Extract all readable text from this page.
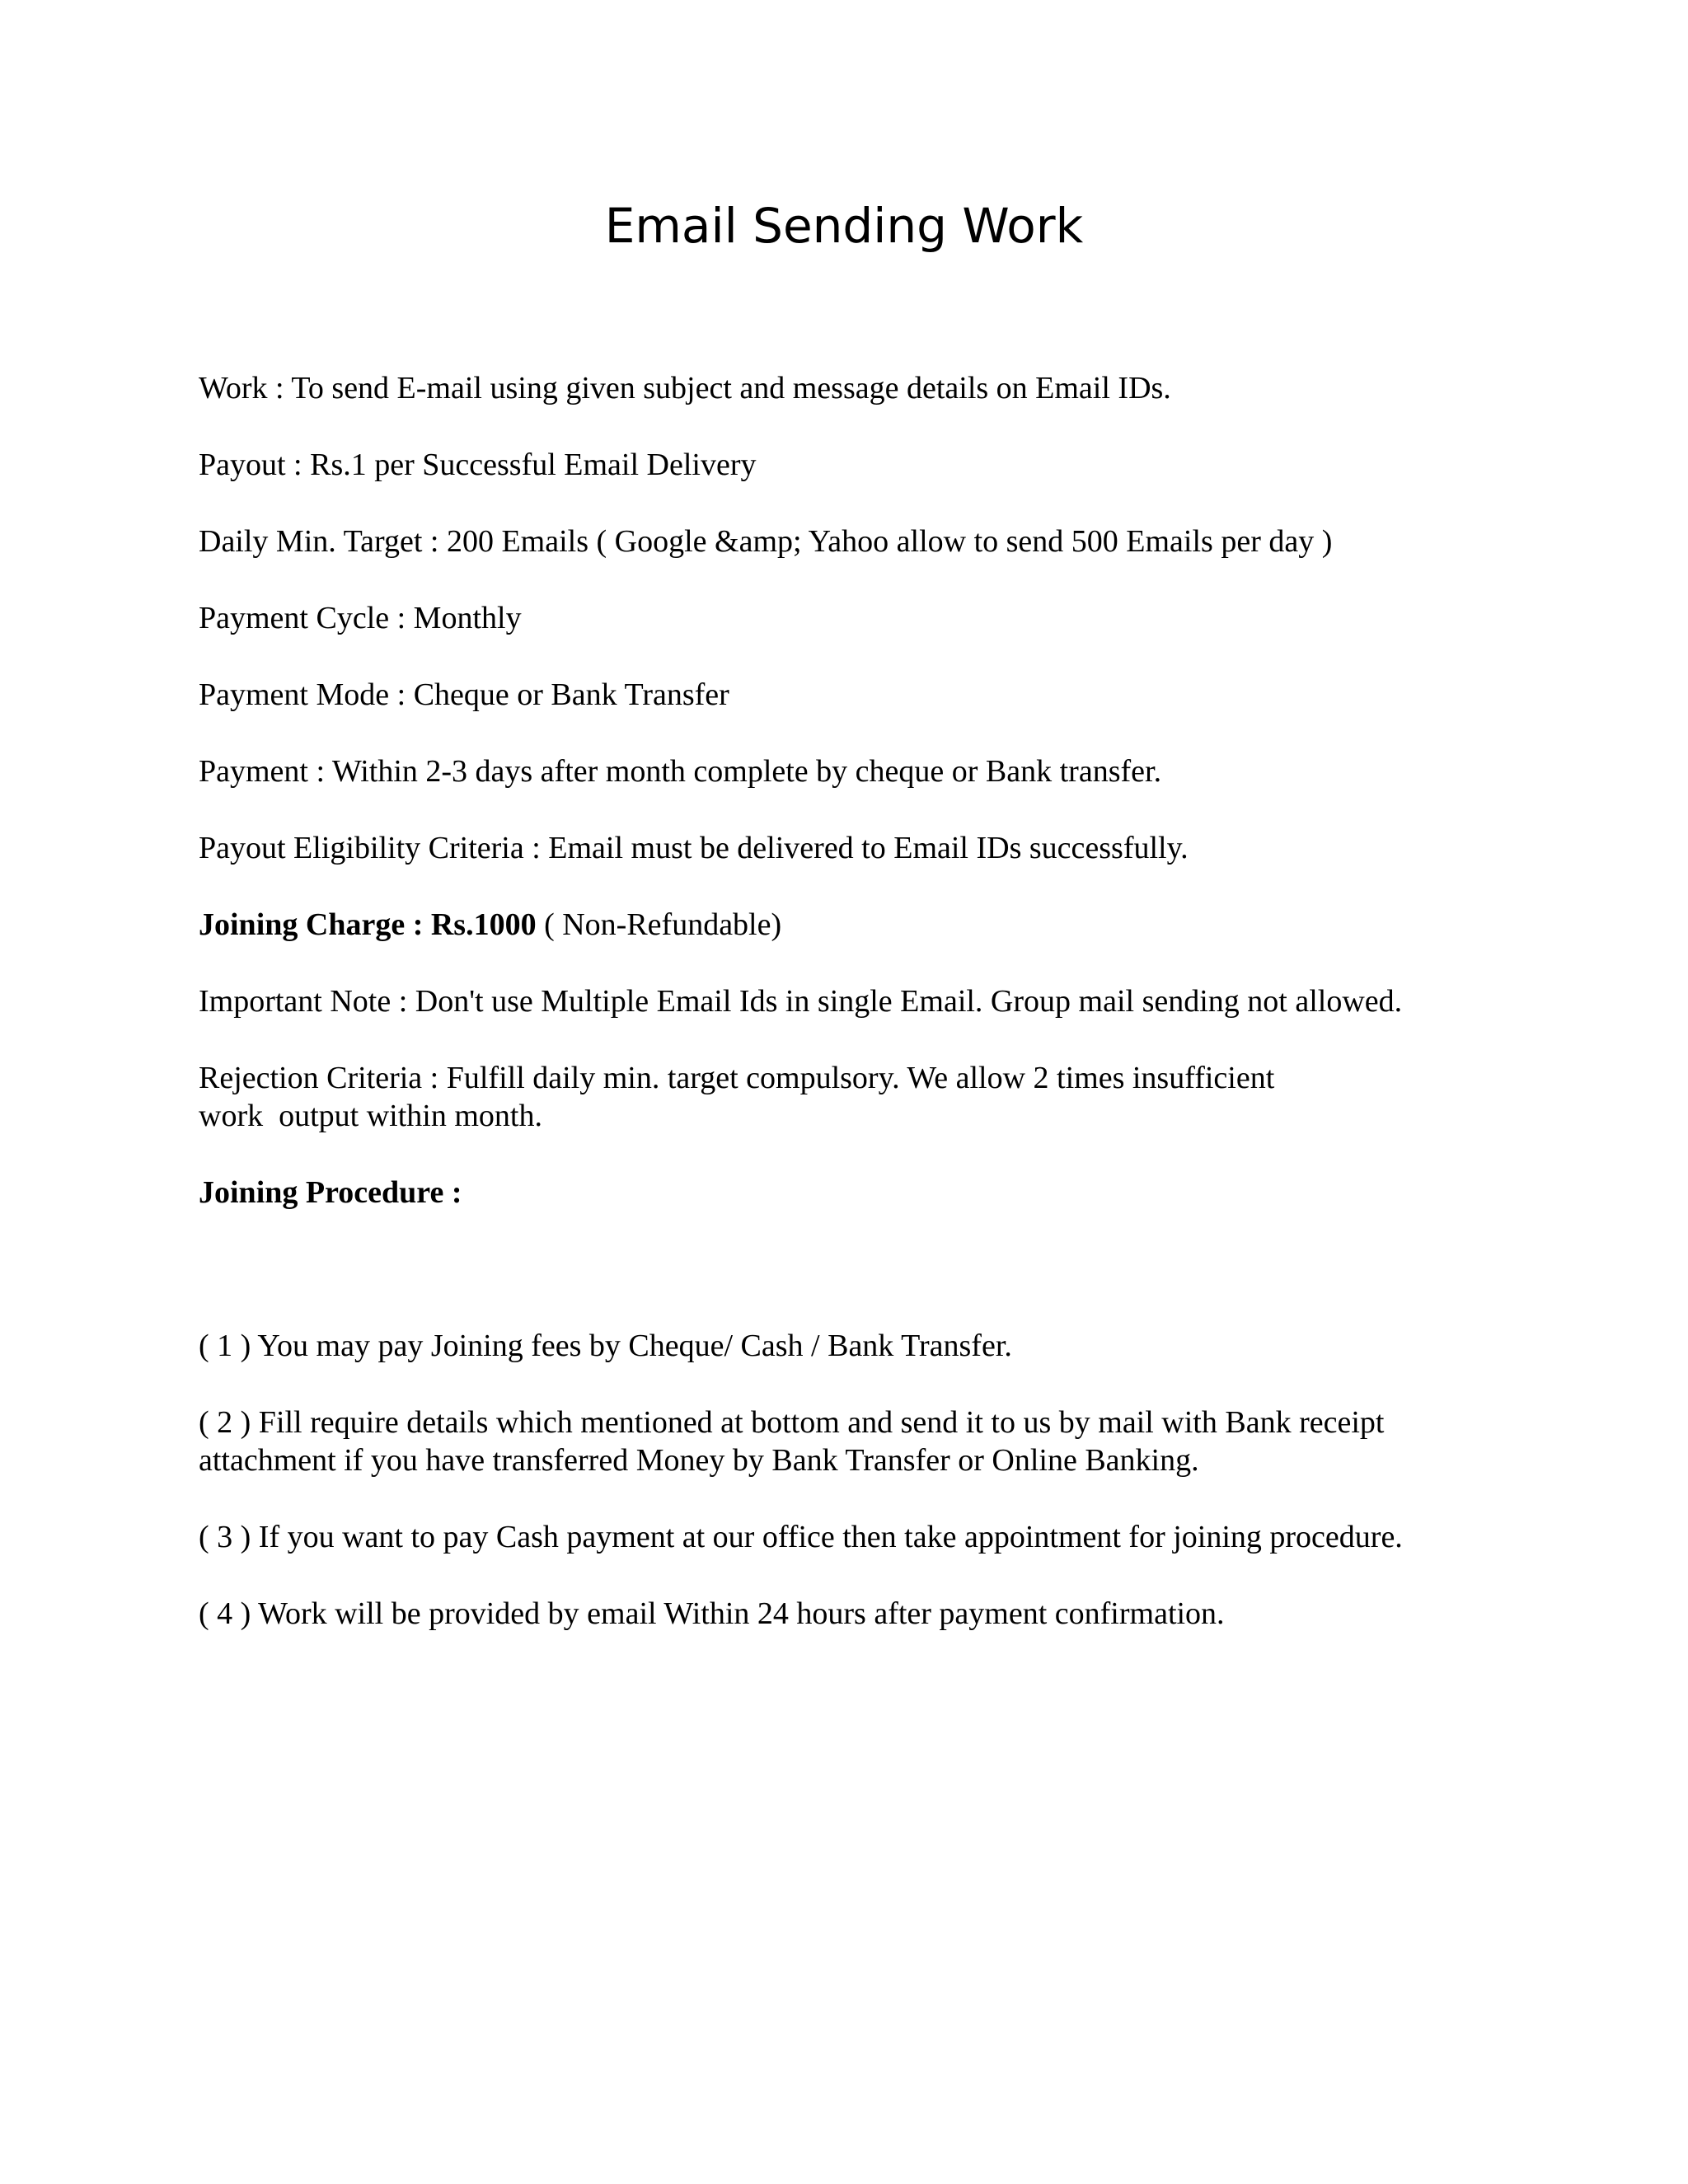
Email Sending Work

Work : To send E-mail using given subject and message details on Email IDs.

Payout : Rs.1 per Successful Email Delivery

Daily Min. Target : 200 Emails ( Google &amp; Yahoo allow to send 500 Emails per day )

Payment Cycle : Monthly

Payment Mode : Cheque or Bank Transfer

Payment : Within 2-3 days after month complete by cheque or Bank transfer.

Payout Eligibility Criteria : Email must be delivered to Email IDs successfully.

Joining Charge : Rs.1000 ( Non-Refundable)

Important Note : Don't use Multiple Email Ids in single Email. Group mail sending not allowed.

Rejection Criteria : Fulfill daily min. target compulsory. We allow 2 times insufficient
work  output within month.

Joining Procedure :

( 1 ) You may pay Joining fees by Cheque/ Cash / Bank Transfer.

( 2 ) Fill require details which mentioned at bottom and send it to us by mail with Bank receipt
attachment if you have transferred Money by Bank Transfer or Online Banking.

( 3 ) If you want to pay Cash payment at our office then take appointment for joining procedure.

( 4 ) Work will be provided by email Within 24 hours after payment confirmation.
